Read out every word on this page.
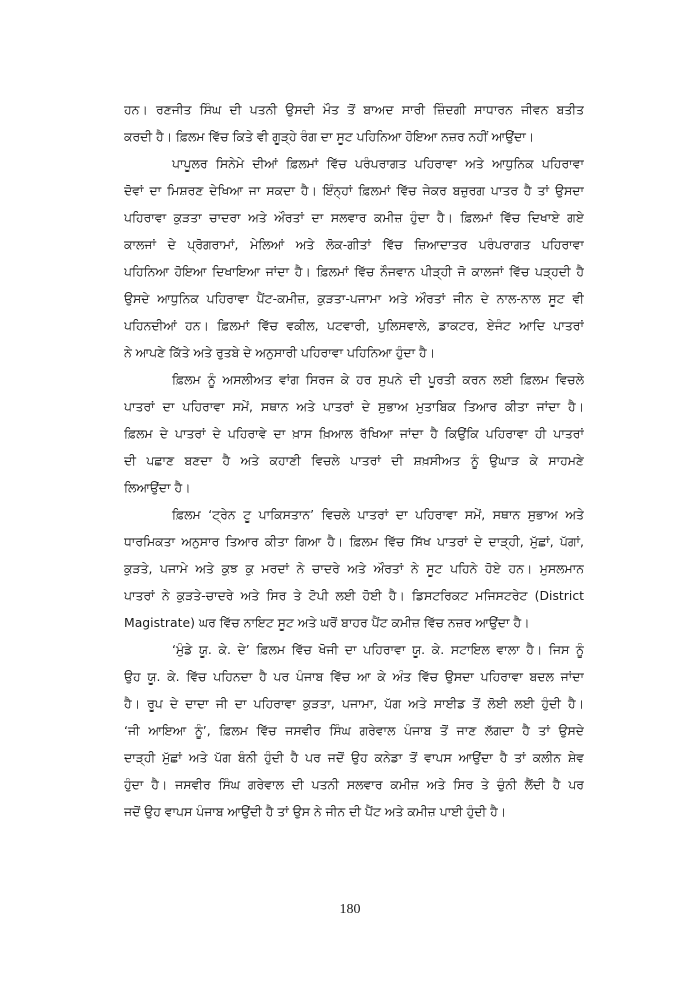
ਹਨ। ਰਣਜੀਤ ਸਿੰਘ ਦੀ ਪਤਨੀ ਉਸਦੀ ਮੌਤ ਤੋਂ ਬਾਅਦ ਸਾਰੀ ਜ਼ਿੰਦਗੀ ਸਾਧਾਰਨ ਜੀਵਨ ਬਤੀਤ
ਕਰਦੀ ਹੈ। ਫ਼ਿਲਮ ਵਿੱਚ ਕਿਤੇ ਵੀ ਗੂੜ੍ਹੇ ਰੰਗ ਦਾ ਸੂਟ ਪਹਿਨਿਆ ਹੋਇਆ ਨਜ਼ਰ ਨਹੀਂ ਆਉਂਦਾ।
ਪਾਪੂਲਰ ਸਿਨੇਮੇ ਦੀਆਂ ਫ਼ਿਲਮਾਂ ਵਿੱਚ ਪਰੰਪਰਾਗਤ ਪਹਿਰਾਵਾ ਅਤੇ ਆਧੁਨਿਕ ਪਹਿਰਾਵਾ
ਦੋਵਾਂ ਦਾ ਮਿਸ਼ਰਣ ਦੇਖਿਆ ਜਾ ਸਕਦਾ ਹੈ। ਇੰਨ੍ਹਾਂ ਫ਼ਿਲਮਾਂ ਵਿੱਚ ਜੇਕਰ ਬਜ਼ੁਰਗ ਪਾਤਰ ਹੈ ਤਾਂ ਉਸਦਾ
ਪਹਿਰਾਵਾ ਕੁੜਤਾ ਚਾਦਰਾ ਅਤੇ ਔਰਤਾਂ ਦਾ ਸਲਵਾਰ ਕਮੀਜ਼ ਹੁੰਦਾ ਹੈ। ਫ਼ਿਲਮਾਂ ਵਿੱਚ ਦਿਖਾਏ ਗਏ
ਕਾਲਜਾਂ ਦੇ ਪ੍ਰੋਗਰਾਮਾਂ, ਮੇਲਿਆਂ ਅਤੇ ਲੋਕ-ਗੀਤਾਂ ਵਿੱਚ ਜ਼ਿਆਦਾਤਰ ਪਰੰਪਰਾਗਤ ਪਹਿਰਾਵਾ
ਪਹਿਨਿਆ ਹੋਇਆ ਦਿਖਾਇਆ ਜਾਂਦਾ ਹੈ। ਫ਼ਿਲਮਾਂ ਵਿੱਚ ਨੌਜਵਾਨ ਪੀੜ੍ਹੀ ਜੋ ਕਾਲਜਾਂ ਵਿੱਚ ਪੜ੍ਹਦੀ ਹੈ
ਉਸਦੇ ਆਧੁਨਿਕ ਪਹਿਰਾਵਾ ਪੈਂਟ-ਕਮੀਜ਼, ਕੁੜਤਾ-ਪਜਾਮਾ ਅਤੇ ਔਰਤਾਂ ਜੀਨ ਦੇ ਨਾਲ-ਨਾਲ ਸੂਟ ਵੀ
ਪਹਿਨਦੀਆਂ ਹਨ। ਫ਼ਿਲਮਾਂ ਵਿੱਚ ਵਕੀਲ, ਪਟਵਾਰੀ, ਪੁਲਿਸਵਾਲੇ, ਡਾਕਟਰ, ਏਜੰਟ ਆਦਿ ਪਾਤਰਾਂ
ਨੇ ਆਪਣੇ ਕਿੱਤੇ ਅਤੇ ਰੁਤਬੇ ਦੇ ਅਨੁਸਾਰੀ ਪਹਿਰਾਵਾ ਪਹਿਨਿਆ ਹੁੰਦਾ ਹੈ।
ਫ਼ਿਲਮ ਨੂੰ ਅਸਲੀਅਤ ਵਾਂਗ ਸਿਰਜ ਕੇ ਹਰ ਸੁਪਨੇ ਦੀ ਪੂਰਤੀ ਕਰਨ ਲਈ ਫ਼ਿਲਮ ਵਿਚਲੇ
ਪਾਤਰਾਂ ਦਾ ਪਹਿਰਾਵਾ ਸਮੇਂ, ਸਥਾਨ ਅਤੇ ਪਾਤਰਾਂ ਦੇ ਸੁਭਾਅ ਮੁਤਾਬਿਕ ਤਿਆਰ ਕੀਤਾ ਜਾਂਦਾ ਹੈ।
ਫ਼ਿਲਮ ਦੇ ਪਾਤਰਾਂ ਦੇ ਪਹਿਰਾਵੇ ਦਾ ਖ਼ਾਸ ਖ਼ਿਆਲ ਰੱਖਿਆ ਜਾਂਦਾ ਹੈ ਕਿਉਂਕਿ ਪਹਿਰਾਵਾ ਹੀ ਪਾਤਰਾਂ
ਦੀ ਪਛਾਣ ਬਣਦਾ ਹੈ ਅਤੇ ਕਹਾਣੀ ਵਿਚਲੇ ਪਾਤਰਾਂ ਦੀ ਸ਼ਖ਼ਸੀਅਤ ਨੂੰ ਉਘਾੜ ਕੇ ਸਾਹਮਣੇ
ਲਿਆਉਂਦਾ ਹੈ।
ਫ਼ਿਲਮ ‘ਟ੍ਰੇਨ ਟੂ ਪਾਕਿਸਤਾਨ’ ਵਿਚਲੇ ਪਾਤਰਾਂ ਦਾ ਪਹਿਰਾਵਾ ਸਮੇਂ, ਸਥਾਨ ਸੁਭਾਅ ਅਤੇ
ਧਾਰਮਿਕਤਾ ਅਨੁਸਾਰ ਤਿਆਰ ਕੀਤਾ ਗਿਆ ਹੈ। ਫ਼ਿਲਮ ਵਿੱਚ ਸਿੱਖ ਪਾਤਰਾਂ ਦੇ ਦਾੜ੍ਹੀ, ਮੁੱਛਾਂ, ਪੱਗਾਂ,
ਕੁੜਤੇ, ਪਜਾਮੇ ਅਤੇ ਕੁਝ ਕੁ ਮਰਦਾਂ ਨੇ ਚਾਦਰੇ ਅਤੇ ਔਰਤਾਂ ਨੇ ਸੂਟ ਪਹਿਨੇ ਹੋਏ ਹਨ। ਮੁਸਲਮਾਨ
ਪਾਤਰਾਂ ਨੇ ਕੁੜਤੇ-ਚਾਦਰੇ ਅਤੇ ਸਿਰ ਤੇ ਟੋਪੀ ਲਈ ਹੋਈ ਹੈ। ਡਿਸਟਰਿਕਟ ਮਜਿਸਟਰੇਟ (District
Magistrate) ਘਰ ਵਿੱਚ ਨਾਇਟ ਸੂਟ ਅਤੇ ਘਰੋਂ ਬਾਹਰ ਪੈਂਟ ਕਮੀਜ਼ ਵਿੱਚ ਨਜ਼ਰ ਆਉਂਦਾ ਹੈ।
‘ਮੁੰਡੇ ਯੂ. ਕੇ. ਦੇ’ ਫ਼ਿਲਮ ਵਿੱਚ ਖੋਜੀ ਦਾ ਪਹਿਰਾਵਾ ਯੂ. ਕੇ. ਸਟਾਇਲ ਵਾਲਾ ਹੈ। ਜਿਸ ਨੂੰ
ਉਹ ਯੂ. ਕੇ. ਵਿੱਚ ਪਹਿਨਦਾ ਹੈ ਪਰ ਪੰਜਾਬ ਵਿੱਚ ਆ ਕੇ ਅੰਤ ਵਿੱਚ ਉਸਦਾ ਪਹਿਰਾਵਾ ਬਦਲ ਜਾਂਦਾ
ਹੈ। ਰੂਪ ਦੇ ਦਾਦਾ ਜੀ ਦਾ ਪਹਿਰਾਵਾ ਕੁੜਤਾ, ਪਜਾਮਾ, ਪੱਗ ਅਤੇ ਸਾਈਡ ਤੋਂ ਲੋਈ ਲਈ ਹੁੰਦੀ ਹੈ।
‘ਜੀ ਆਇਆ ਨੂੰ’, ਫ਼ਿਲਮ ਵਿੱਚ ਜਸਵੀਰ ਸਿੰਘ ਗਰੇਵਾਲ ਪੰਜਾਬ ਤੋਂ ਜਾਣ ਲੱਗਦਾ ਹੈ ਤਾਂ ਉਸਦੇ
ਦਾੜ੍ਹੀ ਮੁੱਛਾਂ ਅਤੇ ਪੱਗ ਬੰਨੀ ਹੁੰਦੀ ਹੈ ਪਰ ਜਦੋਂ ਉਹ ਕਨੇਡਾ ਤੋਂ ਵਾਪਸ ਆਉਂਦਾ ਹੈ ਤਾਂ ਕਲੀਨ ਸ਼ੇਵ
ਹੁੰਦਾ ਹੈ। ਜਸਵੀਰ ਸਿੰਘ ਗਰੇਵਾਲ ਦੀ ਪਤਨੀ ਸਲਵਾਰ ਕਮੀਜ਼ ਅਤੇ ਸਿਰ ਤੇ ਚੁੰਨੀ ਲੈਂਦੀ ਹੈ ਪਰ
ਜਦੋਂ ਉਹ ਵਾਪਸ ਪੰਜਾਬ ਆਉਂਦੀ ਹੈ ਤਾਂ ਉਸ ਨੇ ਜੀਨ ਦੀ ਪੈਂਟ ਅਤੇ ਕਮੀਜ਼ ਪਾਈ ਹੁੰਦੀ ਹੈ।
180
